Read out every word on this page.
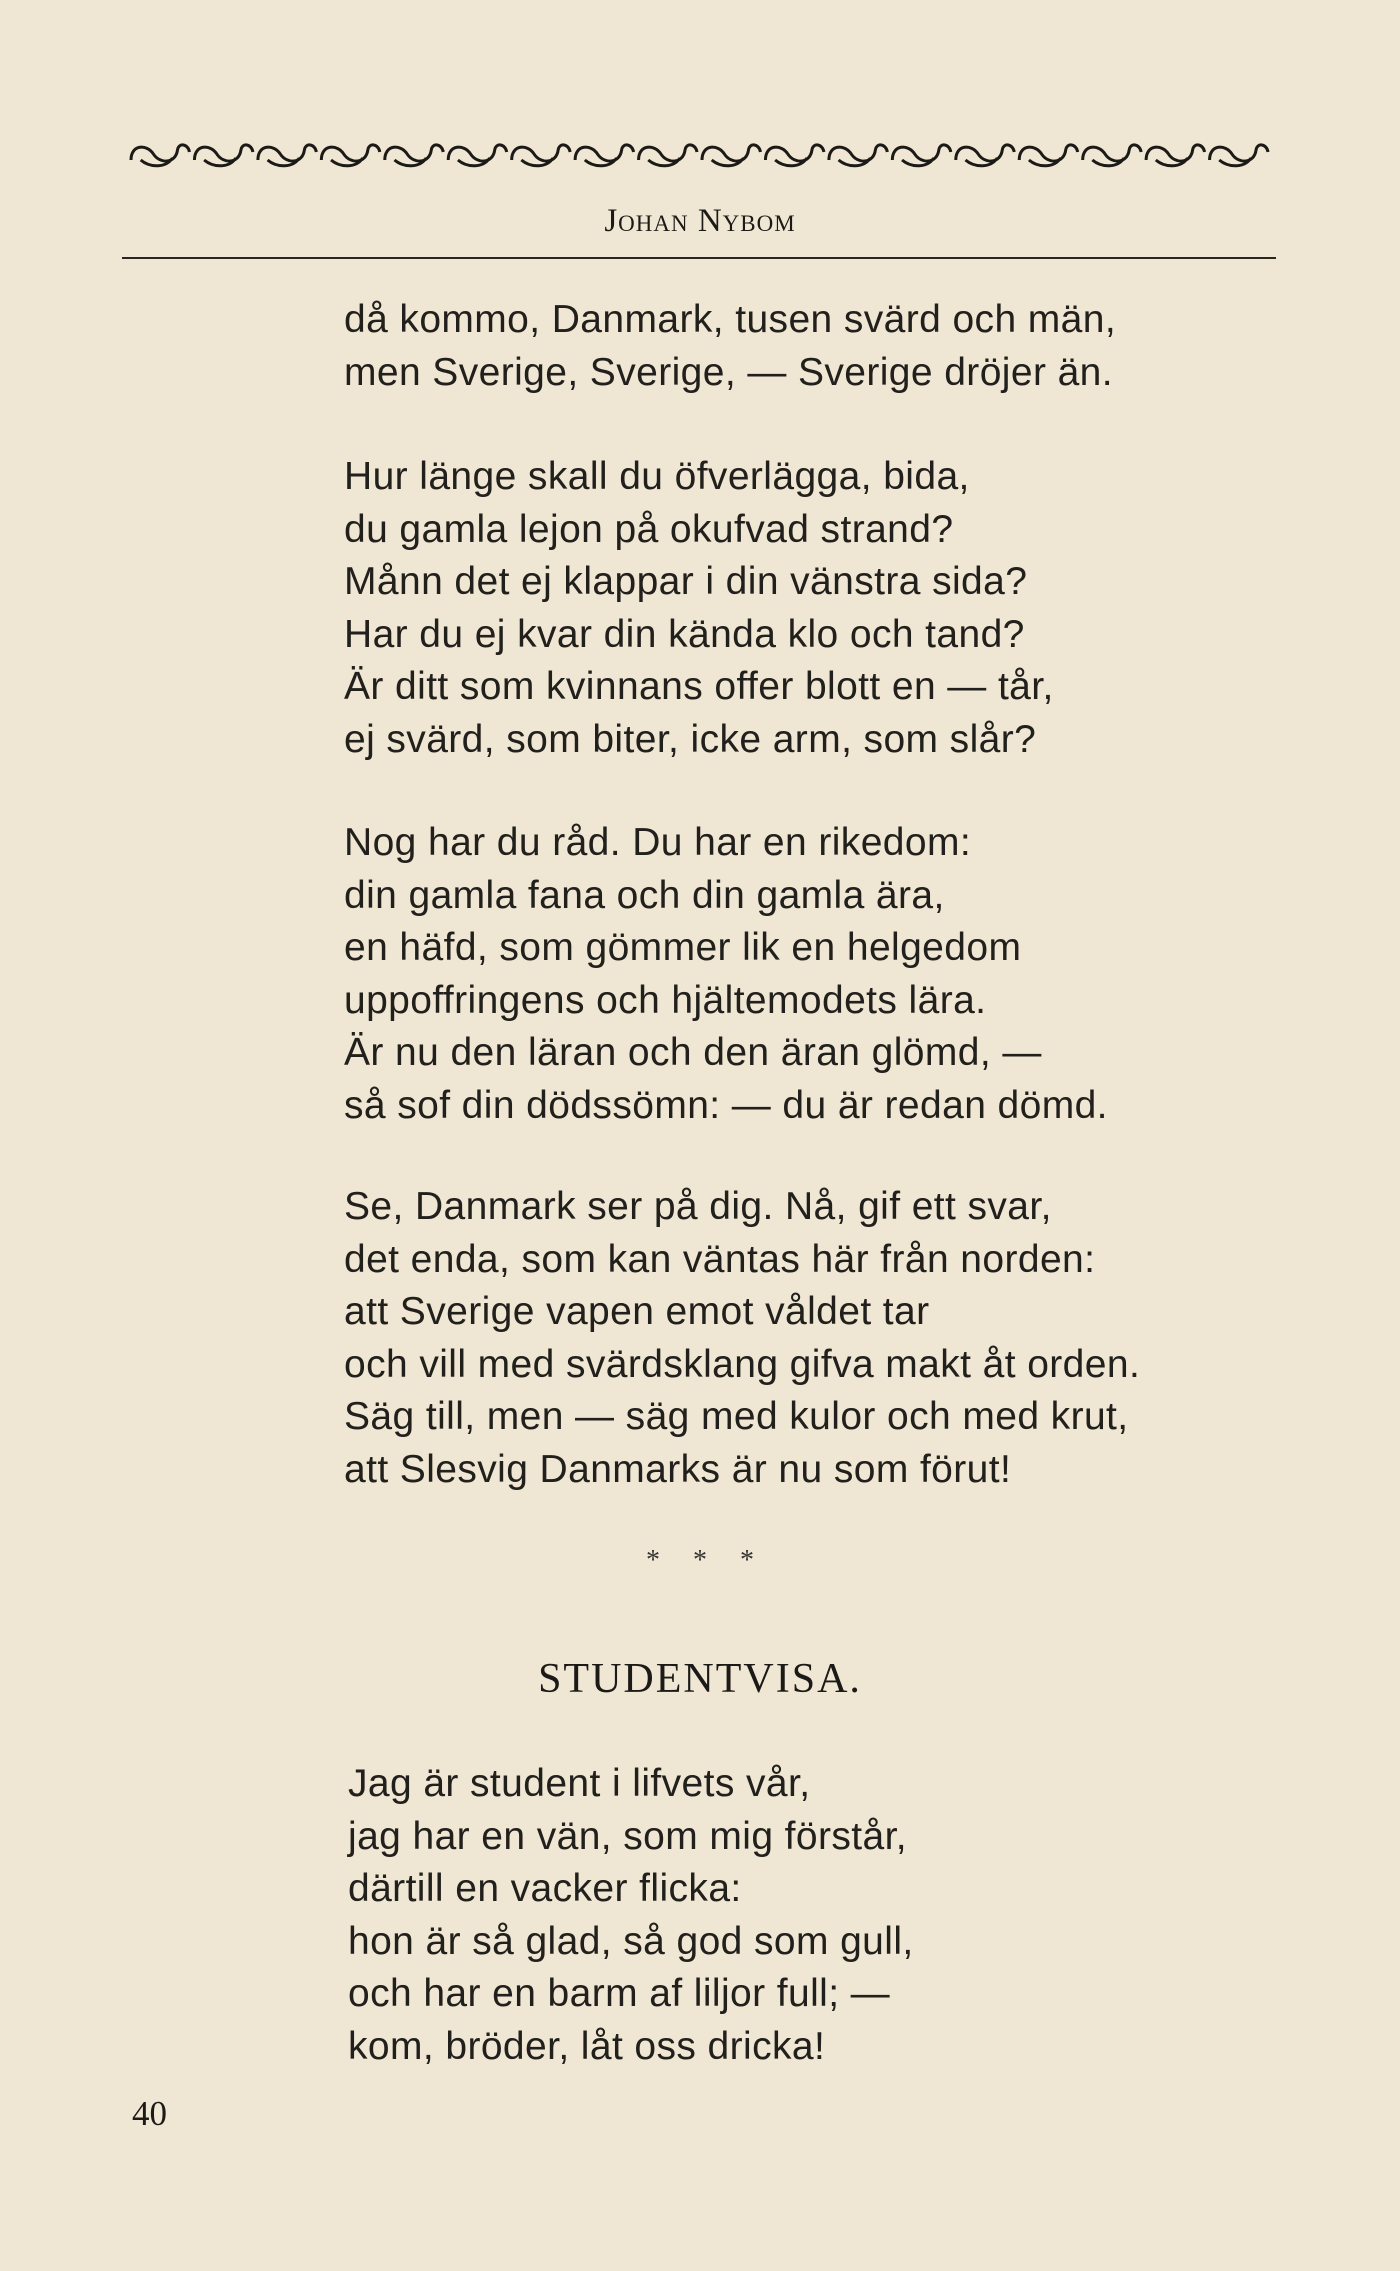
Johan Nybom
då kommo, Danmark, tusen svärd och män,
men Sverige, Sverige, — Sverige dröjer än.
Hur länge skall du öfverlägga, bida,
du gamla lejon på okufvad strand?
Månn det ej klappar i din vänstra sida?
Har du ej kvar din kända klo och tand?
Är ditt som kvinnans offer blott en — tår,
ej svärd, som biter, icke arm, som slår?
Nog har du råd. Du har en rikedom:
din gamla fana och din gamla ära,
en häfd, som gömmer lik en helgedom
uppoffringens och hjältemodets lära.
Är nu den läran och den äran glömd, —
så sof din dödssömn: — du är redan dömd.
Se, Danmark ser på dig. Nå, gif ett svar,
det enda, som kan väntas här från norden:
att Sverige vapen emot våldet tar
och vill med svärdsklang gifva makt åt orden.
Säg till, men — säg med kulor och med krut,
att Slesvig Danmarks är nu som förut!
* * *
STUDENTVISA.
Jag är student i lifvets vår,
jag har en vän, som mig förstår,
därtill en vacker flicka:
hon är så glad, så god som gull,
och har en barm af liljor full; —
kom, bröder, låt oss dricka!
40
